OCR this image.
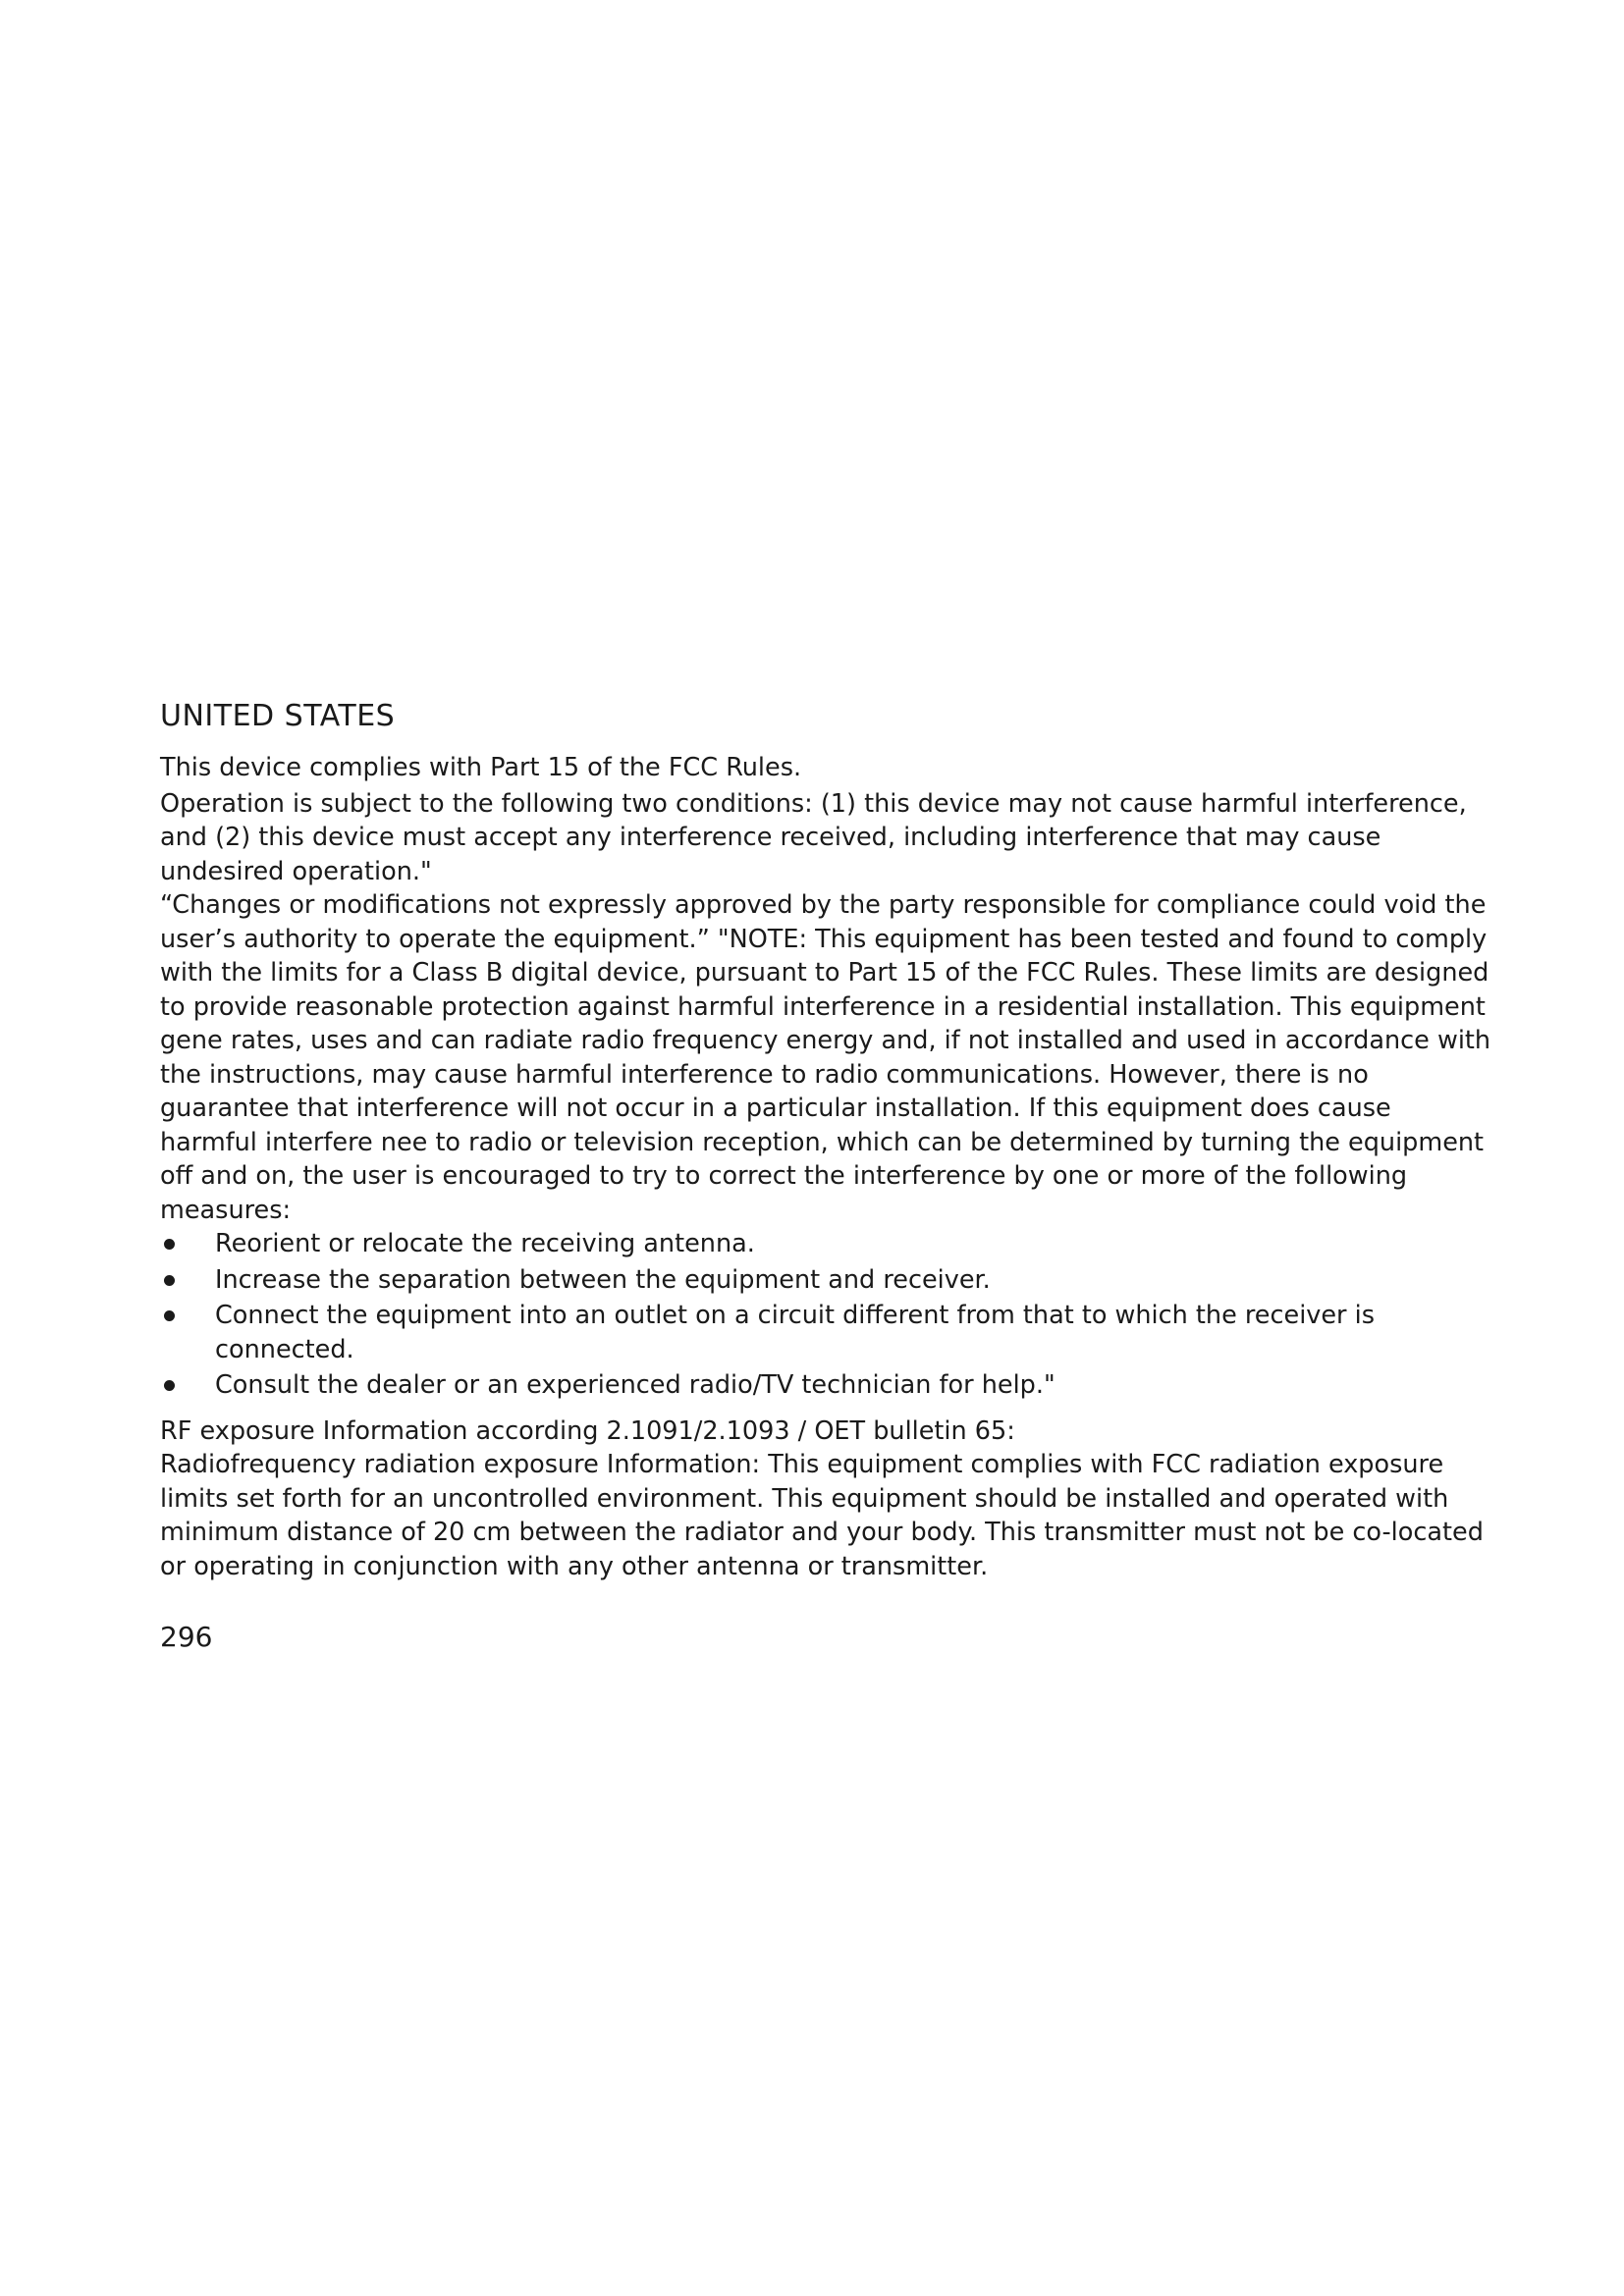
UNITED STATES

This device complies with Part 15 of the FCC Rules.

Operation is subject to the following two conditions: (1) this device may not cause harmful interference, and (2) this device must accept any interference received, including interference that may cause undesired operation."

“Changes or modifications not expressly approved by the party responsible for compliance could void the user’s authority to operate the equipment.” "NOTE: This equipment has been tested and found to comply with the limits for a Class B digital device, pursuant to Part 15 of the FCC Rules. These limits are designed to provide reasonable protection against harmful interference in a residential installation. This equipment gene rates, uses and can radiate radio frequency energy and, if not installed and used in accordance with the instructions, may cause harmful interference to radio communications. However, there is no guarantee that interference will not occur in a particular installation. If this equipment does cause harmful interfere nee to radio or television reception, which can be determined by turning the equipment off and on, the user is encouraged to try to correct the interference by one or more of the following measures:

Reorient or relocate the receiving antenna.
Increase the separation between the equipment and receiver.
Connect the equipment into an outlet on a circuit different from that to which the receiver is connected.
Consult the dealer or an experienced radio/TV technician for help."

RF exposure Information according 2.1091/2.1093 / OET bulletin 65:

Radiofrequency radiation exposure Information: This equipment complies with FCC radiation exposure limits set forth for an uncontrolled environment. This equipment should be installed and operated with minimum distance of 20 cm between the radiator and your body. This transmitter must not be co-located or operating in conjunction with any other antenna or transmitter.

296
